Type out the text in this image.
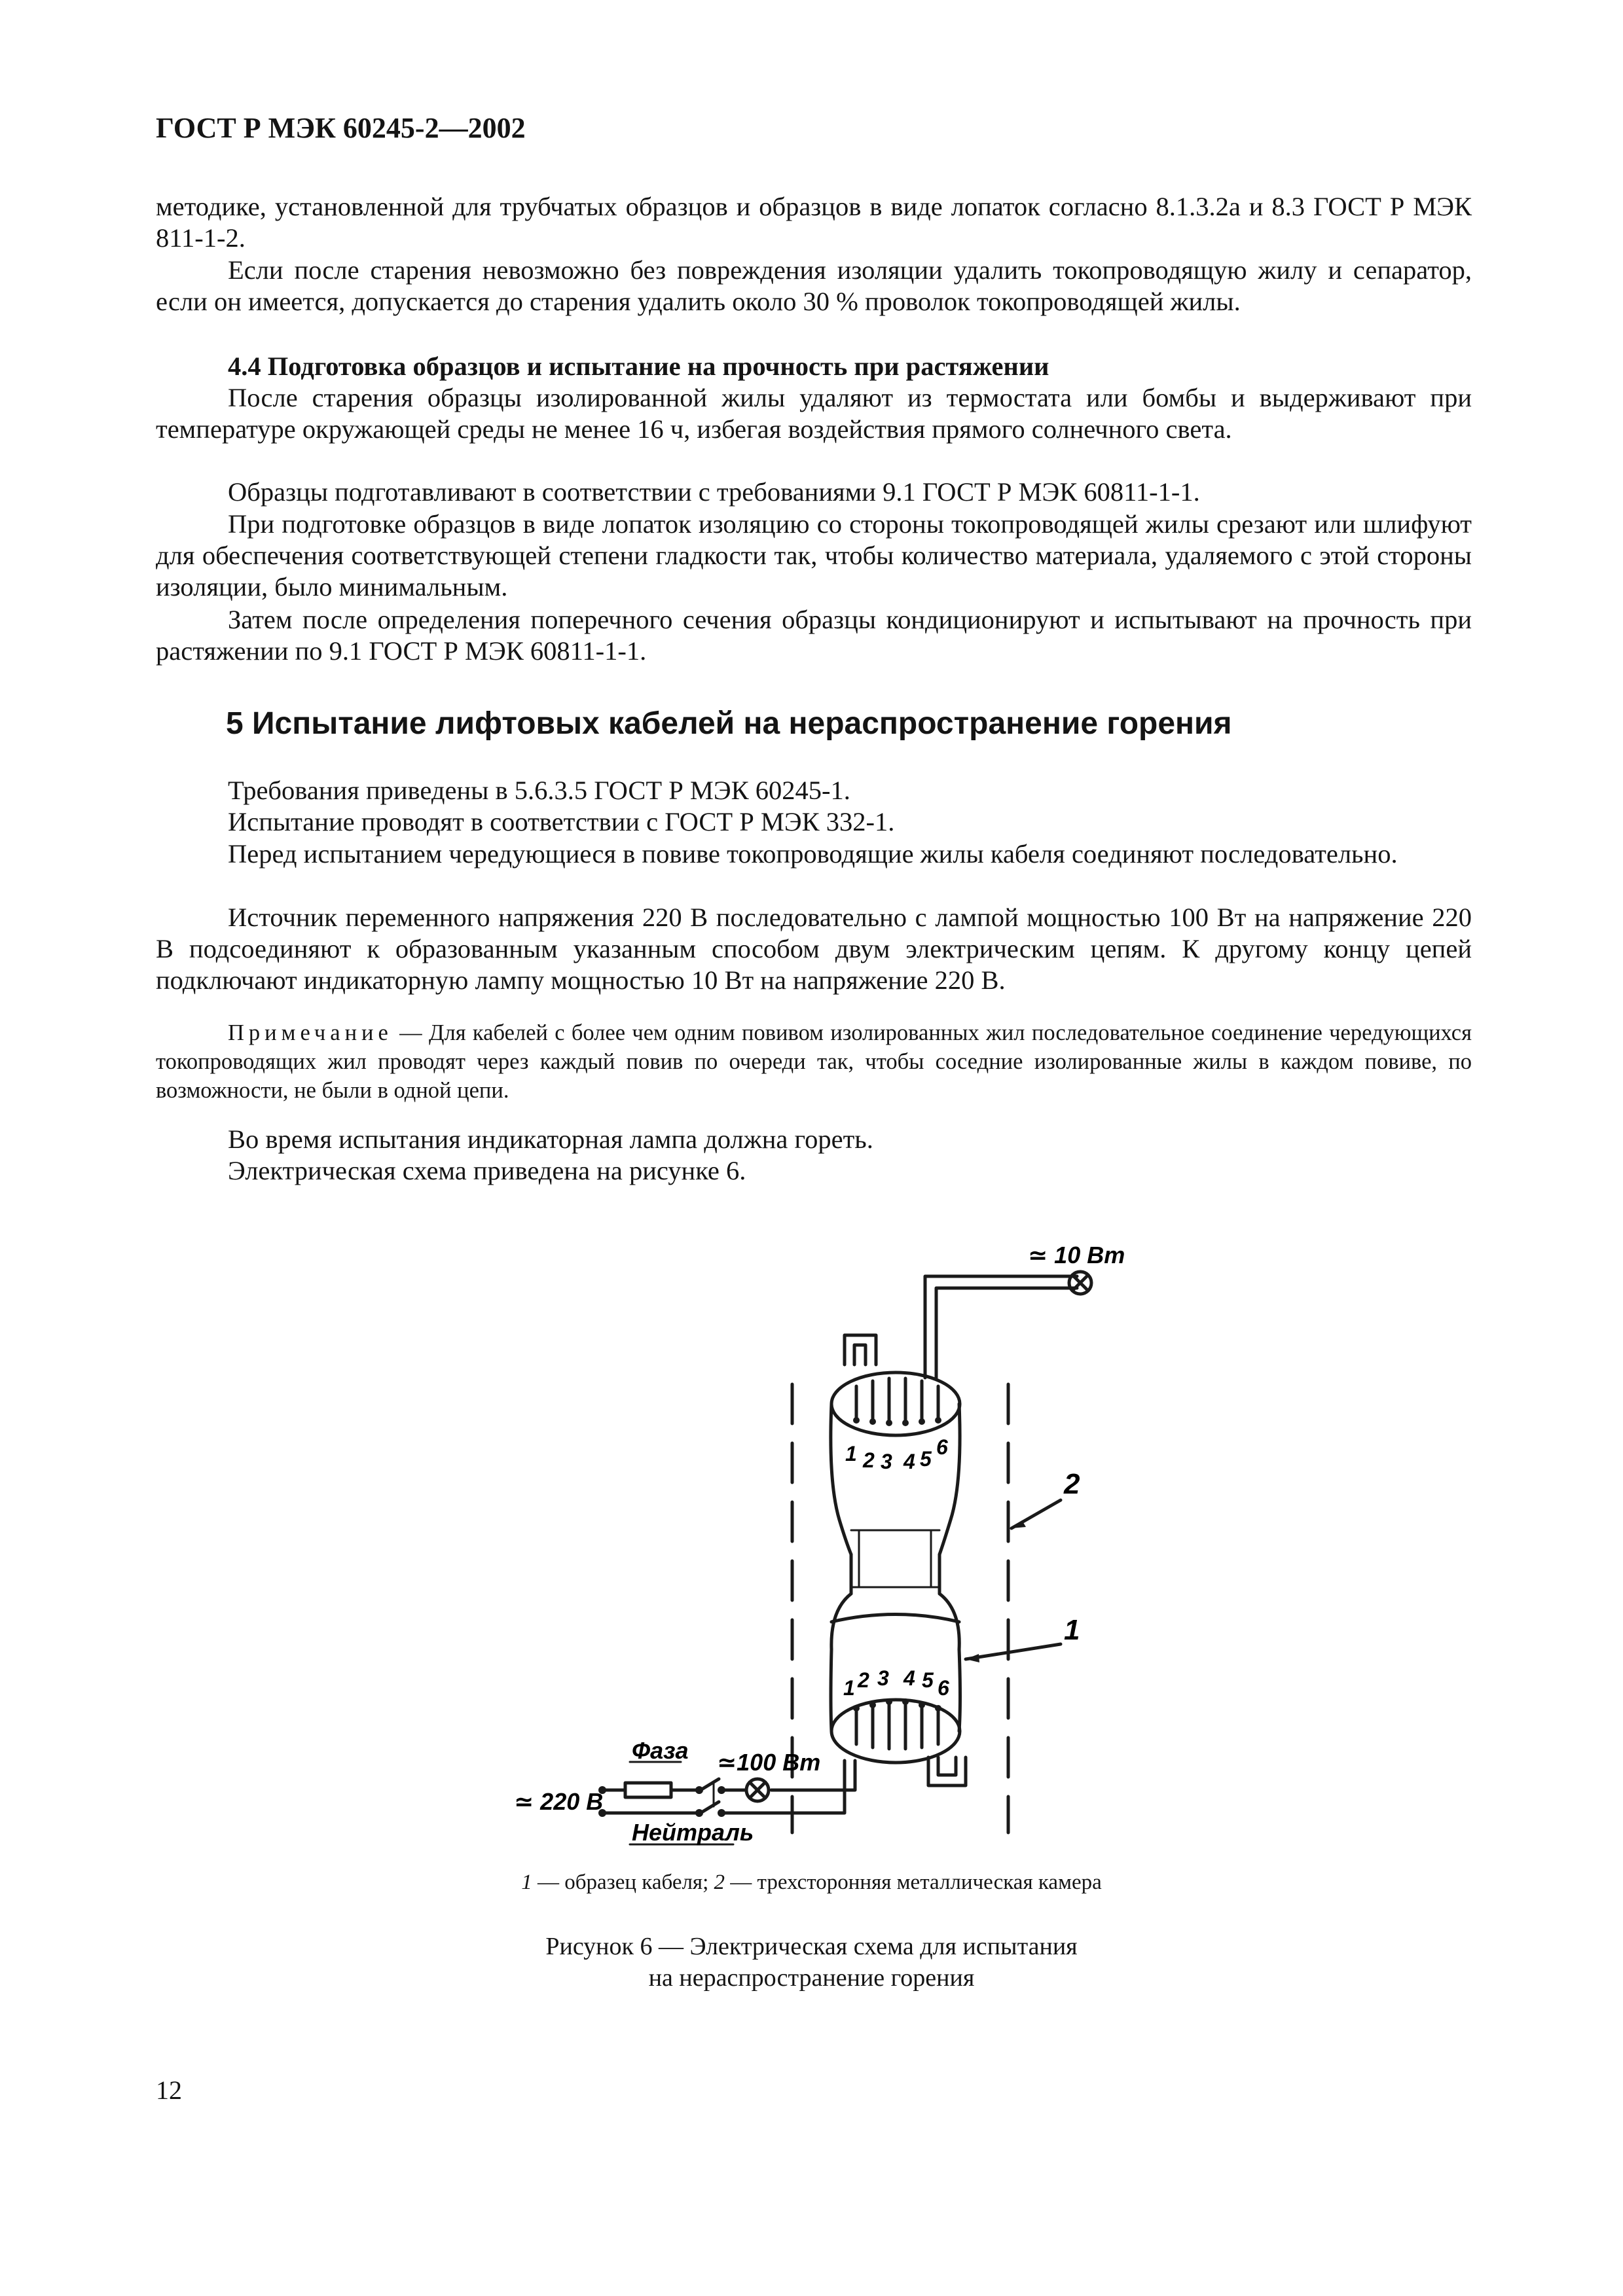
ГОСТ Р МЭК 60245-2—2002

методике, установленной для трубчатых образцов и образцов в виде лопаток согласно 8.1.3.2а и 8.3 ГОСТ Р МЭК 811-1-2.

Если после старения невозможно без повреждения изоляции удалить токопроводящую жилу и сепаратор, если он имеется, допускается до старения удалить около 30 % проволок токопроводящей жилы.

4.4 Подготовка образцов и испытание на прочность при растяжении

После старения образцы изолированной жилы удаляют из термостата или бомбы и выдерживают при температуре окружающей среды не менее 16 ч, избегая воздействия прямого солнечного света.

Образцы подготавливают в соответствии с требованиями 9.1 ГОСТ Р МЭК 60811-1-1.

При подготовке образцов в виде лопаток изоляцию со стороны токопроводящей жилы срезают или шлифуют для обеспечения соответствующей степени гладкости так, чтобы количество материала, удаляемого с этой стороны изоляции, было минимальным.

Затем после определения поперечного сечения образцы кондиционируют и испытывают на прочность при растяжении по 9.1 ГОСТ Р МЭК 60811-1-1.

5 Испытание лифтовых кабелей на нераспространение горения

Требования приведены в 5.6.3.5 ГОСТ Р МЭК 60245-1.

Испытание проводят в соответствии с ГОСТ Р МЭК 332-1.

Перед испытанием чередующиеся в повиве токопроводящие жилы кабеля соединяют последовательно.

Источник переменного напряжения 220 В последовательно с лампой мощностью 100 Вт на напряжение 220 В подсоединяют к образованным указанным способом двум электрическим цепям. К другому концу цепей подключают индикаторную лампу мощностью 10 Вт на напряжение 220 В.

Примечание — Для кабелей с более чем одним повивом изолированных жил последовательное соединение чередующихся токопроводящих жил проводят через каждый повив по очереди так, чтобы соседние изолированные жилы в каждом повиве, по возможности, не были в одной цепи.

Во время испытания индикаторная лампа должна гореть.

Электрическая схема приведена на рисунке 6.

≃ 10 Вт
2
1
≃100 Вт
Фаза
≃ 220 В
Нейтраль
1 2 3 4 5 6
1 2 3 4 5 6
1 — образец кабеля; 2 — трехсторонняя металлическая камера
Рисунок 6 — Электрическая схема для испытания
на нераспространение горения
12
